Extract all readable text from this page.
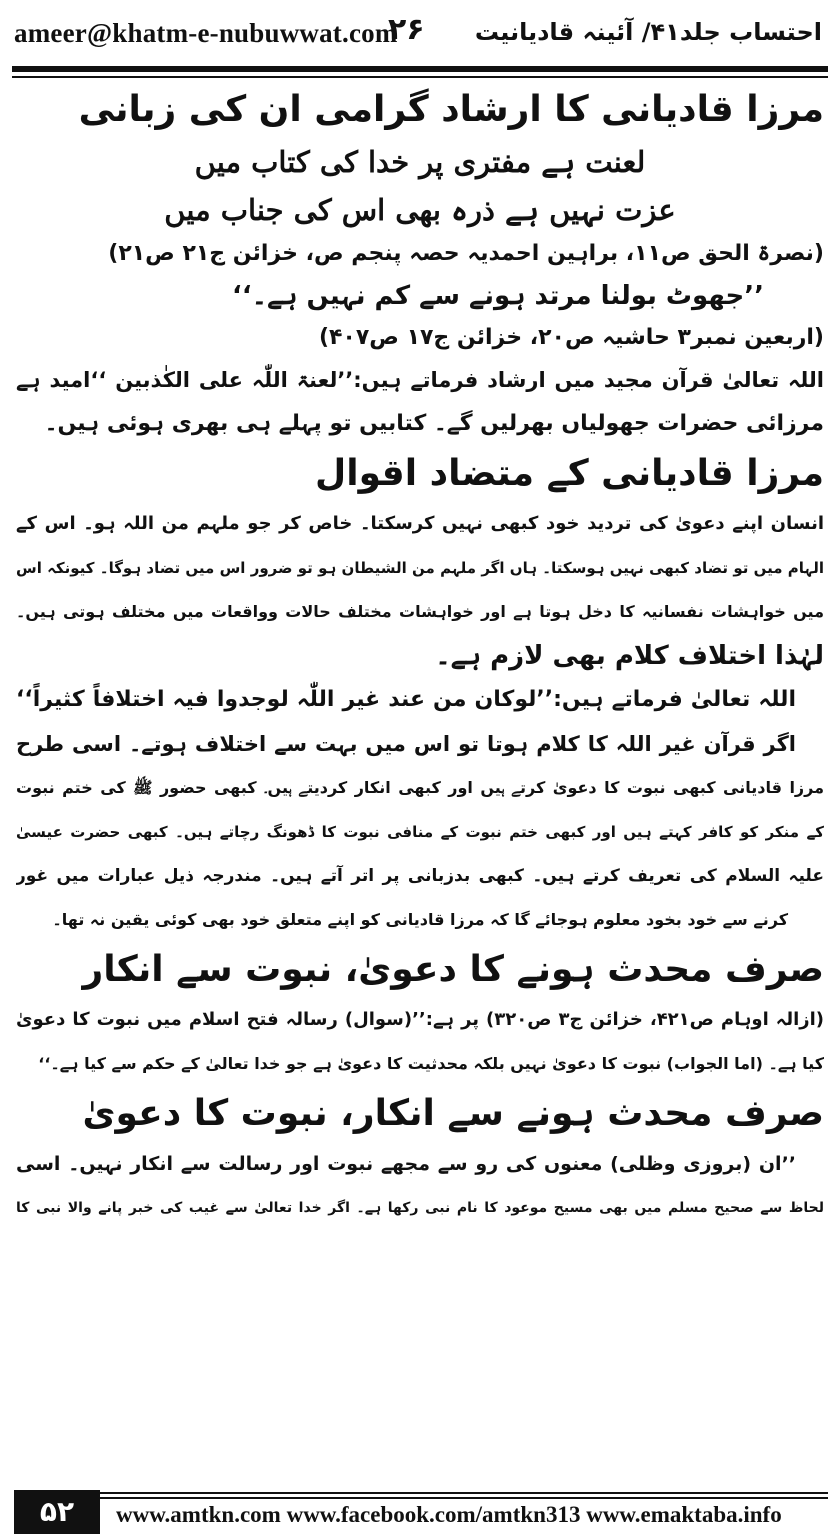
ameer@khatm-e-nubuwwat.com
۲۶ احتساب جلد۴۱/ آئینہ قادیانیت
مرزا قادیانی کا ارشاد گرامی ان کی زبانی
لعنت ہے مفتری پر خدا کی کتاب میں
عزت نہیں ہے ذرہ بھی اس کی جناب میں
(نصرۃ الحق ص۱۱، براہین احمدیہ حصہ پنجم ص، خزائن ج۲۱ ص۲۱)
’’جھوٹ بولنا مرتد ہونے سے کم نہیں ہے۔‘‘
(اربعین نمبر۳ حاشیہ ص۲۰، خزائن ج۱۷ ص۴۰۷)
اللہ تعالیٰ قرآن مجید میں ارشاد فرماتے ہیں:’’لعنۃ اللّٰہ علی الکٰذبین ‘‘امید ہے
مرزائی حضرات جھولیاں بھرلیں گے۔ کتابیں تو پہلے ہی بھری ہوئی ہیں۔
مرزا قادیانی کے متضاد اقوال
انسان اپنے دعویٰ کی تردید خود کبھی نہیں کرسکتا۔ خاص کر جو ملہم من اللہ ہو۔ اس کے
الہام میں تو تضاد کبھی نہیں ہوسکتا۔ ہاں اگر ملہم من الشیطان ہو تو ضرور اس میں تضاد ہوگا۔ کیونکہ اس
میں خواہشات نفسانیہ کا دخل ہوتا ہے اور خواہشات مختلف حالات وواقعات میں مختلف ہوتی ہیں۔
لہٰذا اختلاف کلام بھی لازم ہے۔
اللہ تعالیٰ فرماتے ہیں:’’لوکان من عند غیر اللّٰہ لوجدوا فیہ اختلافاً کثیراً‘‘
اگر قرآن غیر اللہ کا کلام ہوتا تو اس میں بہت سے اختلاف ہوتے۔ اسی طرح
مرزا قادیانی کبھی نبوت کا دعویٰ کرتے ہیں اور کبھی انکار کردیتے ہیں۔ کبھی حضور ﷺ کی ختم نبوت
کے منکر کو کافر کہتے ہیں اور کبھی ختم نبوت کے منافی نبوت کا ڈھونگ رچاتے ہیں۔ کبھی حضرت عیسیٰ
علیہ السلام کی تعریف کرتے ہیں۔ کبھی بدزبانی پر اتر آتے ہیں۔ مندرجہ ذیل عبارات میں غور
کرنے سے خود بخود معلوم ہوجائے گا کہ مرزا قادیانی کو اپنے متعلق خود بھی کوئی یقین نہ تھا۔
صرف محدث ہونے کا دعویٰ، نبوت سے انکار
(ازالہ اوہام ص۴۲۱، خزائن ج۳ ص۳۲۰) پر ہے:’’(سوال) رسالہ فتح اسلام میں نبوت کا دعویٰ
کیا ہے۔ (اما الجواب) نبوت کا دعویٰ نہیں بلکہ محدثیت کا دعویٰ ہے جو خدا تعالیٰ کے حکم سے کیا ہے۔‘‘
صرف محدث ہونے سے انکار، نبوت کا دعویٰ
’’ان (بروزی وظلی) معنوں کی رو سے مجھے نبوت اور رسالت سے انکار نہیں۔ اسی
لحاظ سے صحیح مسلم میں بھی مسیح موعود کا نام نبی رکھا ہے۔ اگر خدا تعالیٰ سے غیب کی خبر پانے والا نبی کا
۵۲	www.amtkn.com www.facebook.com/amtkn313 www.emaktaba.info
